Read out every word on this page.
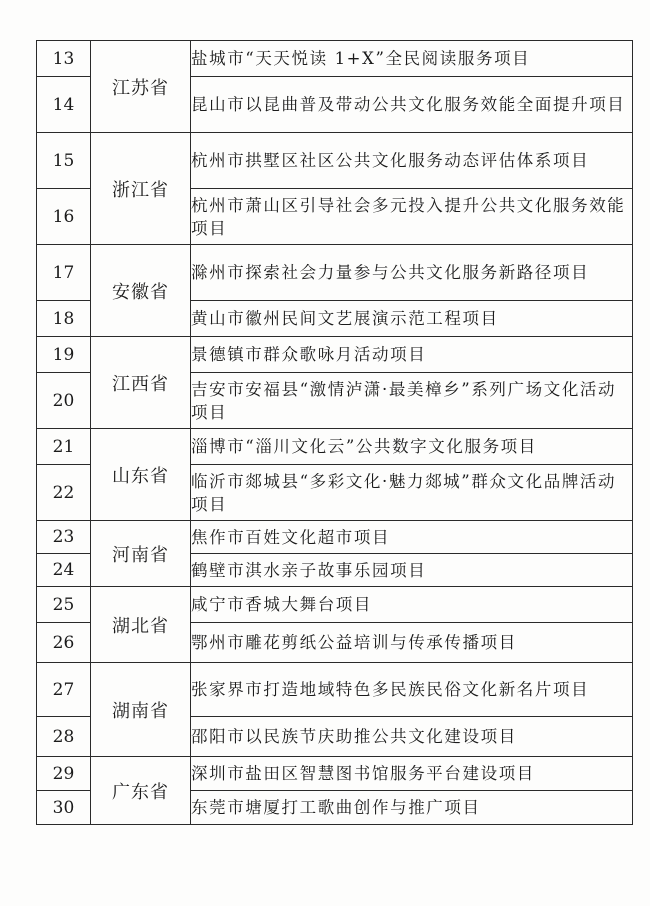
13	江苏省	盐城市“天天悦读 1+X”全民阅读服务项目
14		昆山市以昆曲普及带动公共文化服务效能全面提升项目
15	浙江省	杭州市拱墅区社区公共文化服务动态评估体系项目
16		杭州市萧山区引导社会多元投入提升公共文化服务效能项目
17	安徽省	滁州市探索社会力量参与公共文化服务新路径项目
18		黄山市徽州民间文艺展演示范工程项目
19	江西省	景德镇市群众歌咏月活动项目
20		吉安市安福县“激情泸潇·最美樟乡”系列广场文化活动项目
21	山东省	淄博市“淄川文化云”公共数字文化服务项目
22		临沂市郯城县“多彩文化·魅力郯城”群众文化品牌活动项目
23	河南省	焦作市百姓文化超市项目
24		鹤壁市淇水亲子故事乐园项目
25	湖北省	咸宁市香城大舞台项目
26		鄂州市雕花剪纸公益培训与传承传播项目
27	湖南省	张家界市打造地域特色多民族民俗文化新名片项目
28		邵阳市以民族节庆助推公共文化建设项目
29	广东省	深圳市盐田区智慧图书馆服务平台建设项目
30		东莞市塘厦打工歌曲创作与推广项目
